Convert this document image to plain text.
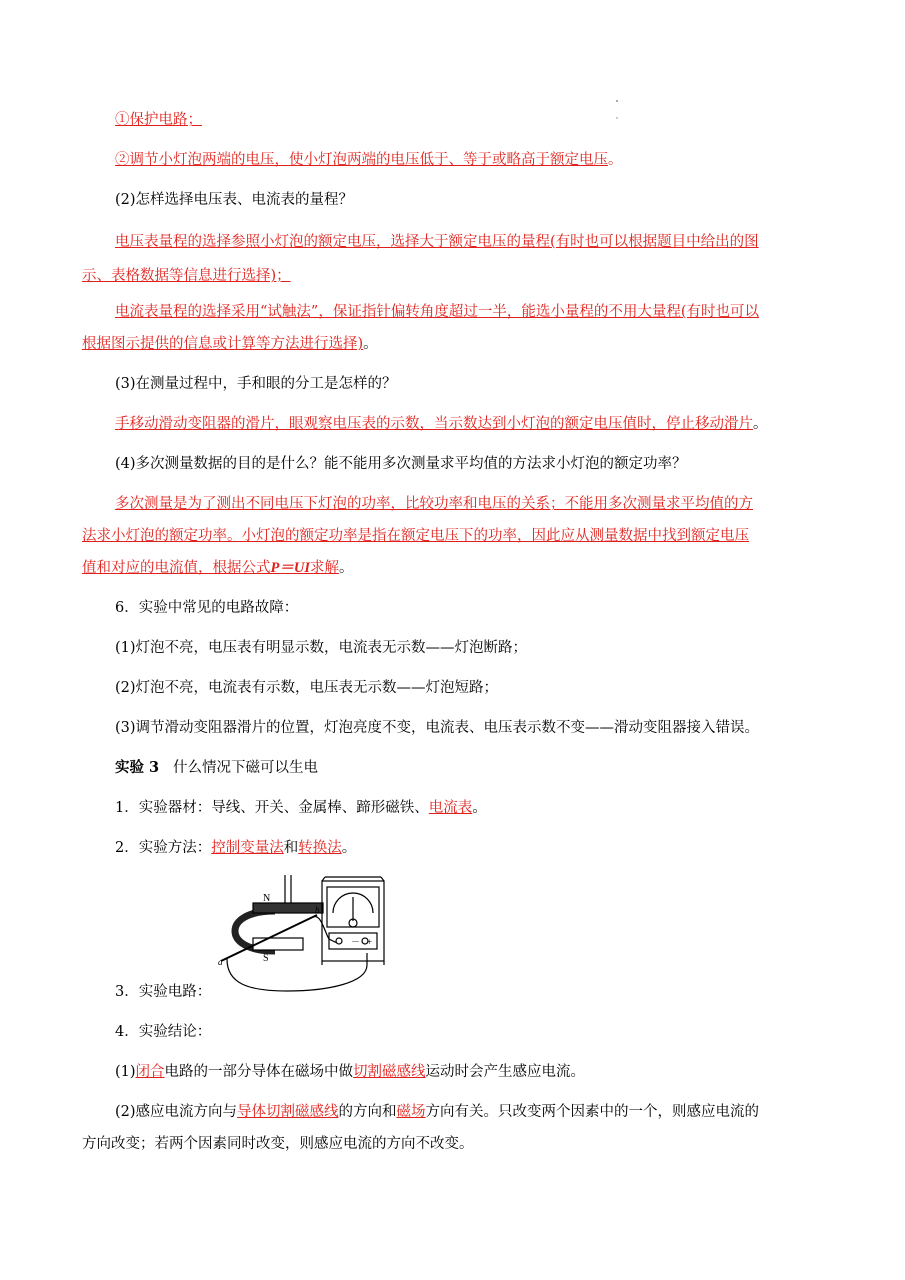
①保护电路；
②调节小灯泡两端的电压，使小灯泡两端的电压低于、等于或略高于额定电压。
(2)怎样选择电压表、电流表的量程？
电压表量程的选择参照小灯泡的额定电压，选择大于额定电压的量程(有时也可以根据题目中给出的图
示、表格数据等信息进行选择)；
电流表量程的选择采用“试触法”，保证指针偏转角度超过一半，能选小量程的不用大量程(有时也可以
根据图示提供的信息或计算等方法进行选择)。
(3)在测量过程中，手和眼的分工是怎样的？
手移动滑动变阻器的滑片，眼观察电压表的示数，当示数达到小灯泡的额定电压值时，停止移动滑片。
(4)多次测量数据的目的是什么？能不能用多次测量求平均值的方法求小灯泡的额定功率？
多次测量是为了测出不同电压下灯泡的功率，比较功率和电压的关系；不能用多次测量求平均值的方
法求小灯泡的额定功率。小灯泡的额定功率是指在额定电压下的功率，因此应从测量数据中找到额定电压
值和对应的电流值，根据公式P＝UI求解。
6．实验中常见的电路故障：
(1)灯泡不亮，电压表有明显示数，电流表无示数——灯泡断路；
(2)灯泡不亮，电流表有示数，电压表无示数——灯泡短路；
(3)调节滑动变阻器滑片的位置，灯泡亮度不变，电流表、电压表示数不变——滑动变阻器接入错误。
实验 3 什么情况下磁可以生电
1．实验器材：导线、开关、金属棒、蹄形磁铁、电流表。
2．实验方法：控制变量法和转换法。
3．实验电路：
4．实验结论：
(1)闭合电路的一部分导体在磁场中做切割磁感线运动时会产生感应电流。
(2)感应电流方向与导体切割磁感线的方向和磁场方向有关。只改变两个因素中的一个，则感应电流的
方向改变；若两个因素同时改变，则感应电流的方向不改变。
－ +
N
S
a
b
